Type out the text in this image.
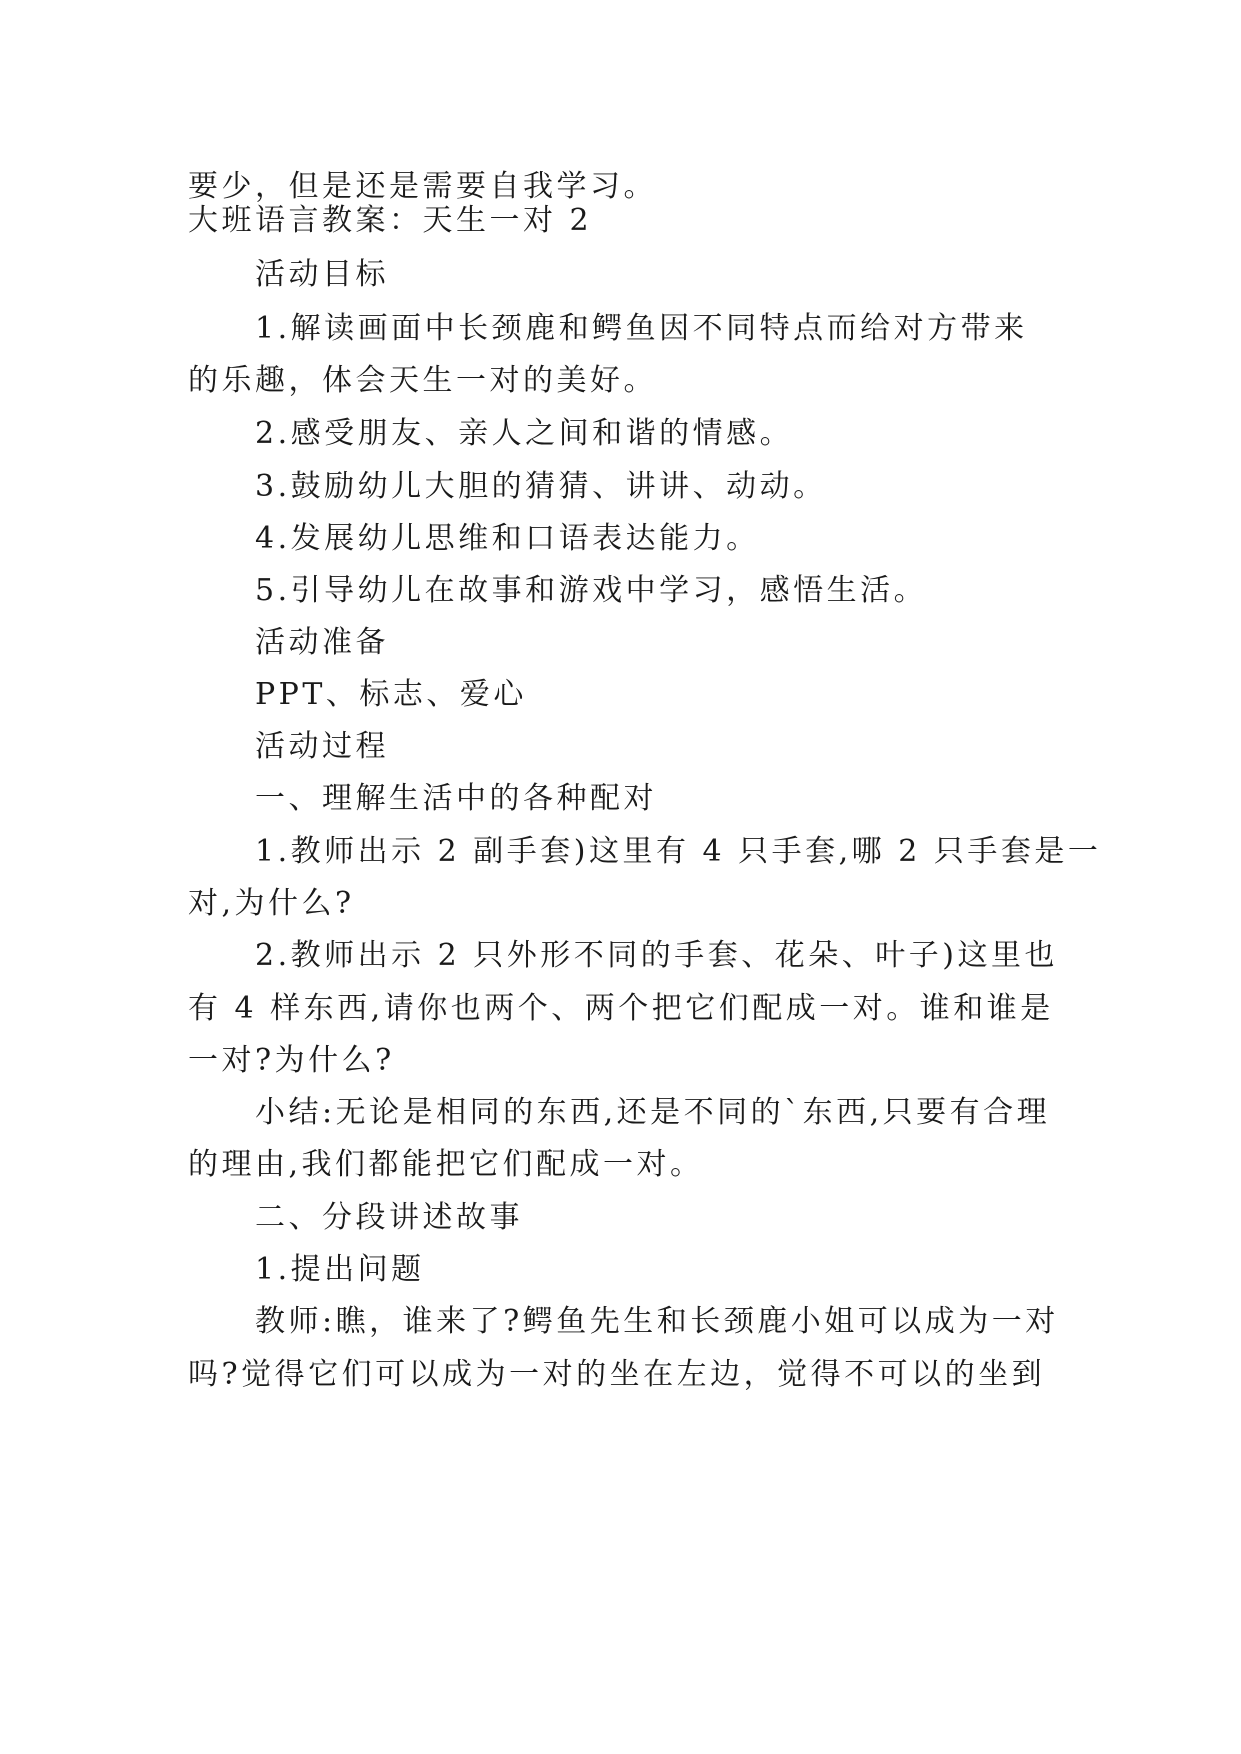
要少，但是还是需要自我学习。
大班语言教案：天生一对 2
活动目标
1.解读画面中长颈鹿和鳄鱼因不同特点而给对方带来
的乐趣，体会天生一对的美好。
2.感受朋友、亲人之间和谐的情感。
3.鼓励幼儿大胆的猜猜、讲讲、动动。
4.发展幼儿思维和口语表达能力。
5.引导幼儿在故事和游戏中学习，感悟生活。
活动准备
PPT、标志、爱心
活动过程
一、理解生活中的各种配对
1.教师出示 2 副手套)这里有 4 只手套,哪 2 只手套是一
对,为什么?
2.教师出示 2 只外形不同的手套、花朵、叶子)这里也
有 4 样东西,请你也两个、两个把它们配成一对。谁和谁是
一对?为什么?
小结:无论是相同的东西,还是不同的`东西,只要有合理
的理由,我们都能把它们配成一对。
二、分段讲述故事
1.提出问题
教师:瞧，谁来了?鳄鱼先生和长颈鹿小姐可以成为一对
吗?觉得它们可以成为一对的坐在左边，觉得不可以的坐到
